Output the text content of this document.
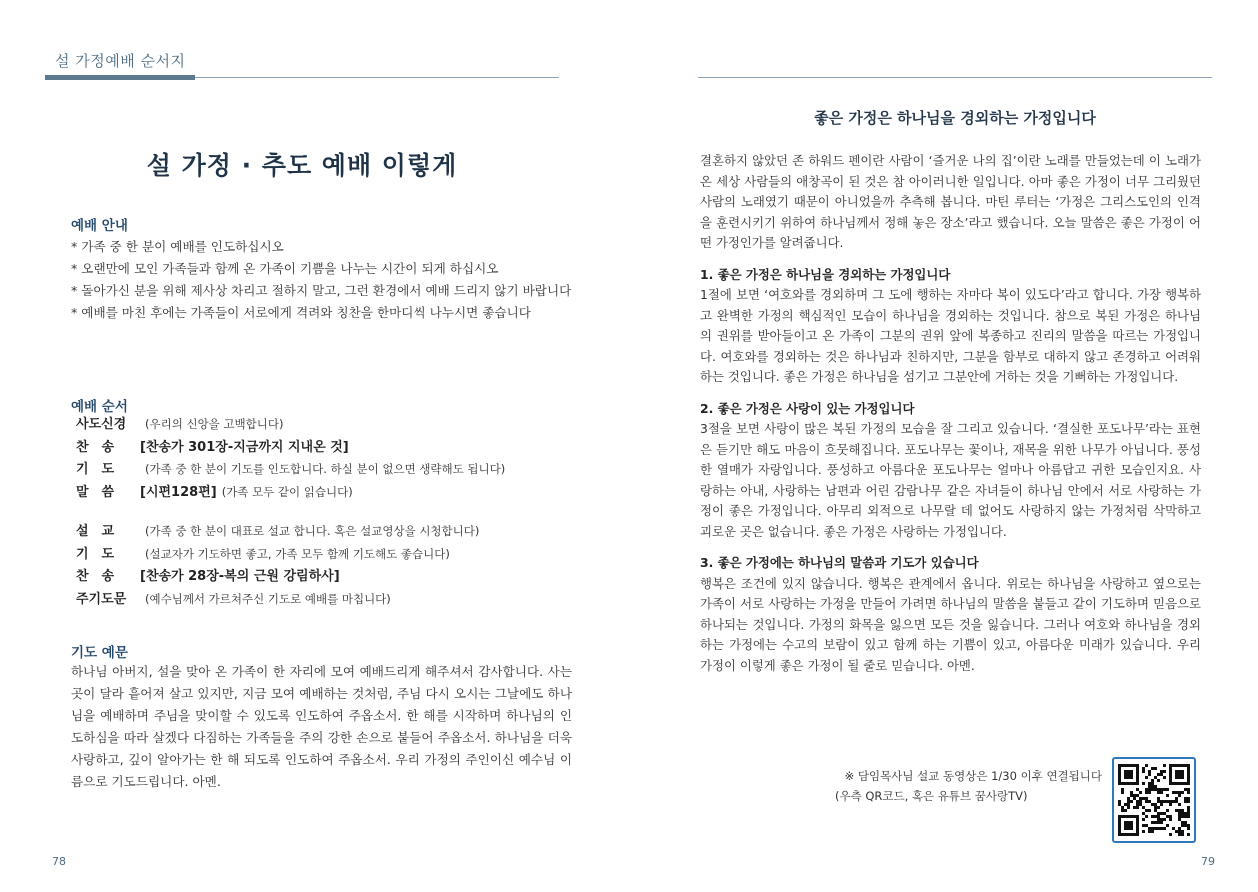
설 가정예배 순서지
설 가정 · 추도 예배 이렇게
예배 안내

* 가족 중 한 분이 예배를 인도하십시오

* 오랜만에 모인 가족들과 함께 온 가족이 기쁨을 나누는 시간이 되게 하십시오

* 돌아가신 분을 위해 제사상 차리고 절하지 말고, 그런 환경에서 예배 드리지 않기 바랍니다

* 예배를 마친 후에는 가족들이 서로에게 격려와 칭찬을 한마디씩 나누시면 좋습니다

예배 순서
사도신경 (우리의 신앙을 고백합니다)
찬　송 [찬송가 301장-지금까지 지내온 것]
기　도	(가족 중 한 분이 기도를 인도합니다. 하실 분이 없으면 생략해도 됩니다)
말　씀 [시편128편] (가족 모두 같이 읽습니다)
설　교	(가족 중 한 분이 대표로 설교 합니다. 혹은 설교영상을 시청합니다)
기　도	(설교자가 기도하면 좋고, 가족 모두 함께 기도해도 좋습니다)
찬　송 [찬송가 28장-복의 근원 강림하사]
주기도문 (예수님께서 가르쳐주신 기도로 예배를 마칩니다)
기도 예문
하나님 아버지, 설을 맞아 온 가족이 한 자리에 모여 예배드리게 해주셔서 감사합니다. 사는 곳이 달라 흩어져 살고 있지만, 지금 모여 예배하는 것처럼, 주님 다시 오시는 그날에도 하나님을 예배하며 주님을 맞이할 수 있도록 인도하여 주옵소서. 한 해를 시작하며 하나님의 인도하심을 따라 살겠다 다짐하는 가족들을 주의 강한 손으로 붙들어 주옵소서. 하나님을 더욱 사랑하고, 깊이 알아가는 한 해 되도록 인도하여 주옵소서. 우리 가정의 주인이신 예수님 이름으로 기도드립니다. 아멘.
78
좋은 가정은 하나님을 경외하는 가정입니다

결혼하지 않았던 존 하워드 펜이란 사람이 ‘즐거운 나의 집’이란 노래를 만들었는데 이 노래가 온 세상 사람들의 애창곡이 된 것은 참 아이러니한 일입니다. 아마 좋은 가정이 너무 그리웠던 사람의 노래였기 때문이 아니었을까 추측해 봅니다. 마틴 루터는 ‘가정은 그리스도인의 인격을 훈련시키기 위하여 하나님께서 정해 놓은 장소’라고 했습니다. 오늘 말씀은 좋은 가정이 어떤 가정인가를 알려줍니다.

1. 좋은 가정은 하나님을 경외하는 가정입니다

1절에 보면 ‘여호와를 경외하며 그 도에 행하는 자마다 복이 있도다’라고 합니다. 가장 행복하고 완벽한 가정의 핵심적인 모습이 하나님을 경외하는 것입니다. 참으로 복된 가정은 하나님의 권위를 받아들이고 온 가족이 그분의 권위 앞에 복종하고 진리의 말씀을 따르는 가정입니다. 여호와를 경외하는 것은 하나님과 친하지만, 그분을 함부로 대하지 않고 존경하고 어려워하는 것입니다. 좋은 가정은 하나님을 섬기고 그분안에 거하는 것을 기뻐하는 가정입니다.

2. 좋은 가정은 사랑이 있는 가정입니다

3절을 보면 사랑이 많은 복된 가정의 모습을 잘 그리고 있습니다. ‘결실한 포도나무’라는 표현은 듣기만 해도 마음이 흐뭇해집니다. 포도나무는 꽃이나, 재목을 위한 나무가 아닙니다. 풍성한 열매가 자랑입니다. 풍성하고 아름다운 포도나무는 얼마나 아름답고 귀한 모습인지요. 사랑하는 아내, 사랑하는 남편과 어린 감람나무 같은 자녀들이 하나님 안에서 서로 사랑하는 가정이 좋은 가정입니다. 아무리 외적으로 나무랄 데 없어도 사랑하지 않는 가정처럼 삭막하고 괴로운 곳은 없습니다. 좋은 가정은 사랑하는 가정입니다.

3. 좋은 가정에는 하나님의 말씀과 기도가 있습니다

행복은 조건에 있지 않습니다. 행복은 관계에서 옵니다. 위로는 하나님을 사랑하고 옆으로는 가족이 서로 사랑하는 가정을 만들어 가려면 하나님의 말씀을 붙들고 같이 기도하며 믿음으로 하나되는 것입니다. 가정의 화목을 잃으면 모든 것을 잃습니다. 그러나 여호와 하나님을 경외하는 가정에는 수고의 보람이 있고 함께 하는 기쁨이 있고, 아름다운 미래가 있습니다. 우리 가정이 이렇게 좋은 가정이 될 줄로 믿습니다. 아멘.

※ 담임목사님 설교 동영상은 1/30 이후 연결됩니다
(우측 QR코드, 혹은 유튜브 꿈사랑TV)
79
